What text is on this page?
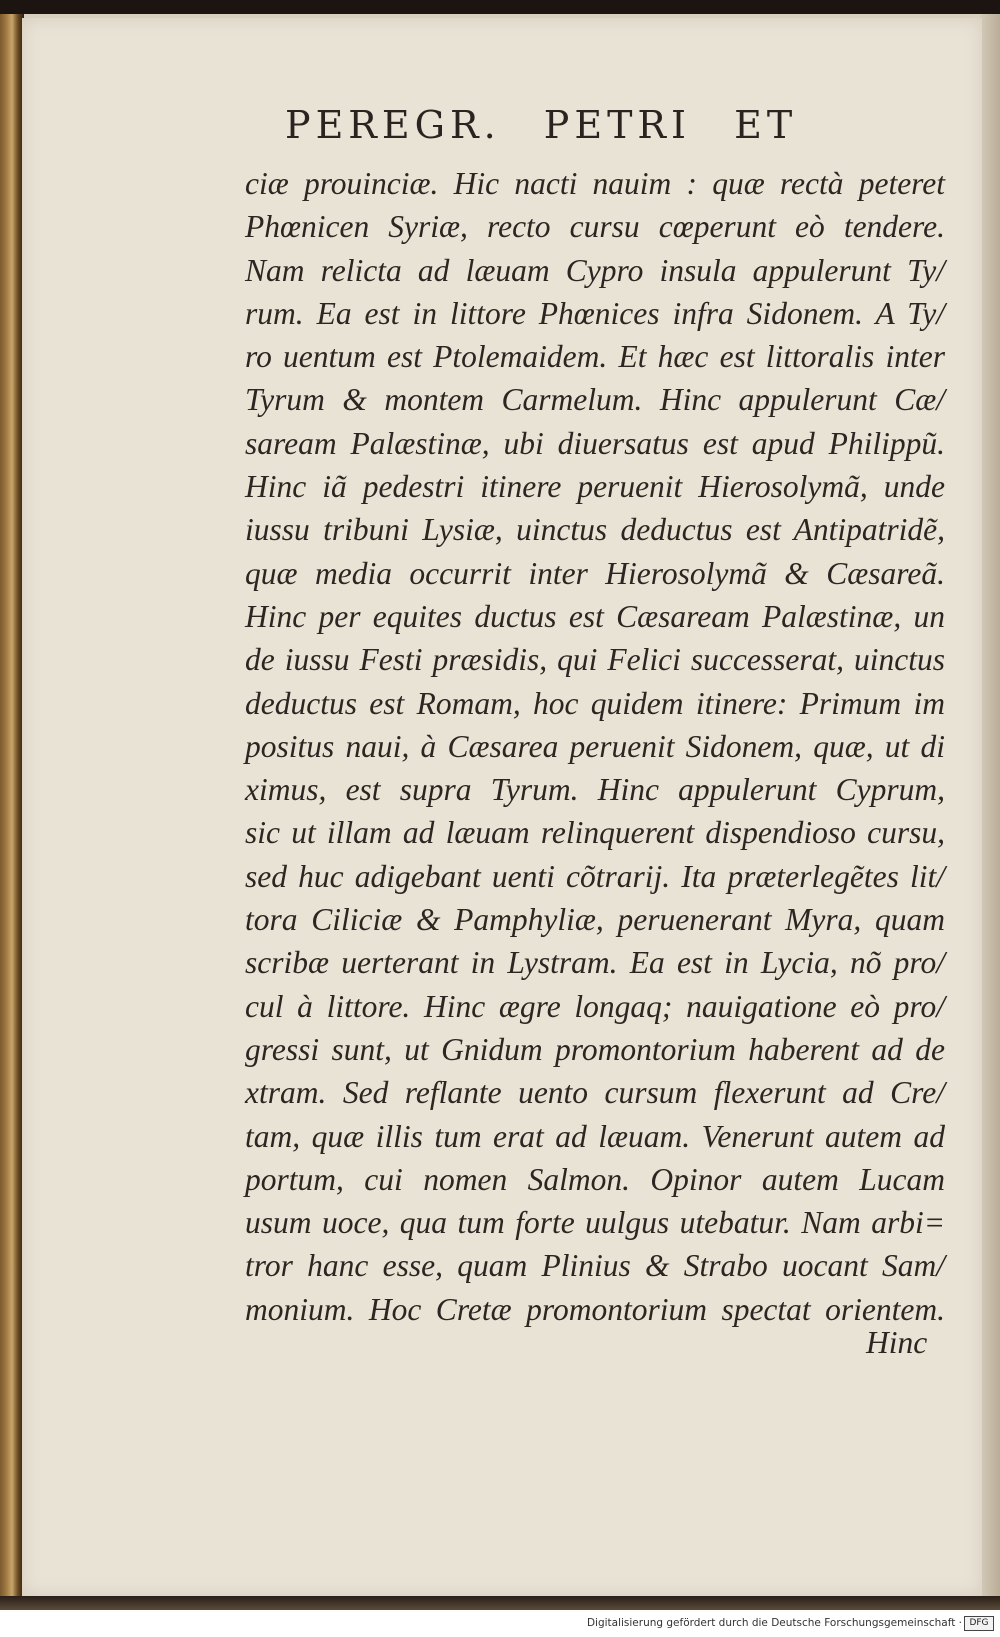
PEREGR. PETRI ET
ciæ prouinciæ. Hic nacti nauim : quæ rectà peteret
Phœnicen Syriæ, recto cursu cœperunt eò tendere.
Nam relicta ad læuam Cypro insula appulerunt Ty/
rum. Ea est in littore Phœnices infra Sidonem. A Ty/
ro uentum est Ptolemaidem. Et hæc est littoralis inter
Tyrum & montem Carmelum. Hinc appulerunt Cæ/
saream Palæstinæ, ubi diuersatus est apud Philippũ.
Hinc iã pedestri itinere peruenit Hierosolymã, unde
iussu tribuni Lysiæ, uinctus deductus est Antipatridẽ,
quæ media occurrit inter Hierosolymã & Cæsareã.
Hinc per equites ductus est Cæsaream Palæstinæ, un
de iussu Festi præsidis, qui Felici successerat, uinctus
deductus est Romam, hoc quidem itinere: Primum im
positus naui, à Cæsarea peruenit Sidonem, quæ, ut di
ximus, est supra Tyrum. Hinc appulerunt Cyprum,
sic ut illam ad læuam relinquerent dispendioso cursu,
sed huc adigebant uenti cõtrarij. Ita præterlegẽtes lit/
tora Ciliciæ & Pamphyliæ, peruenerant Myra, quam
scribæ uerterant in Lystram. Ea est in Lycia, nõ pro/
cul à littore. Hinc ægre longaq; nauigatione eò pro/
gressi sunt, ut Gnidum promontorium haberent ad de
xtram. Sed reflante uento cursum flexerunt ad Cre/
tam, quæ illis tum erat ad læuam. Venerunt autem ad
portum, cui nomen Salmon. Opinor autem Lucam
usum uoce, qua tum forte uulgus utebatur. Nam arbi=
tror hanc esse, quam Plinius & Strabo uocant Sam/
monium. Hoc Cretæ promontorium spectat orientem.
Hinc
Digitalisierung gefördert durch die Deutsche Forschungsgemeinschaft · DFG
